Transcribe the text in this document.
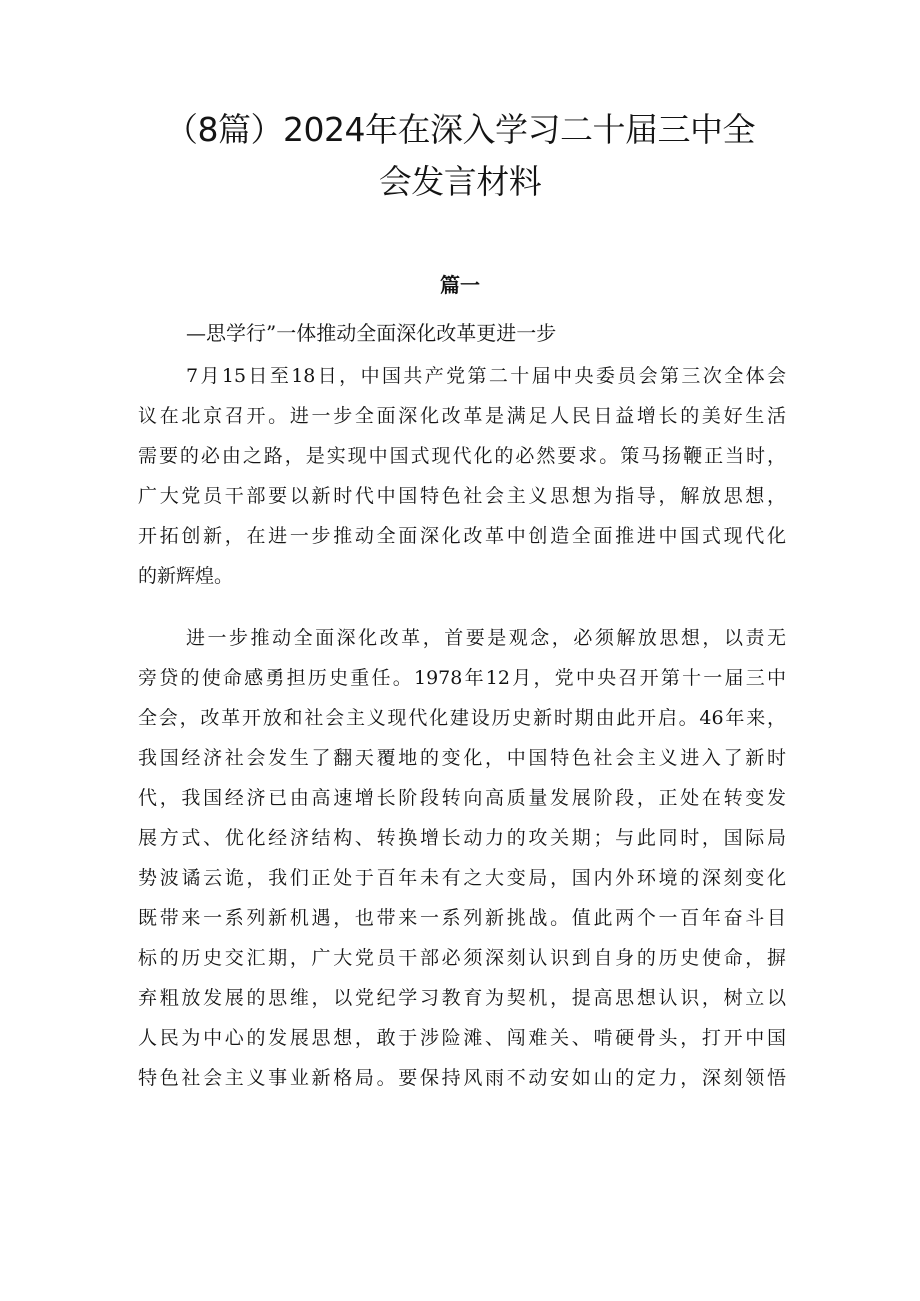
（8篇）2024年在深入学习二十届三中全
会发言材料
篇一
—思学行”一体推动全面深化改革更进一步
7月15日至18日，中国共产党第二十届中央委员会第三次全体会
议在北京召开。进一步全面深化改革是满足人民日益增长的美好生活
需要的必由之路，是实现中国式现代化的必然要求。策马扬鞭正当时，
广大党员干部要以新时代中国特色社会主义思想为指导，解放思想，
开拓创新，在进一步推动全面深化改革中创造全面推进中国式现代化
的新辉煌。
进一步推动全面深化改革，首要是观念，必须解放思想，以责无
旁贷的使命感勇担历史重任。1978年12月，党中央召开第十一届三中
全会，改革开放和社会主义现代化建设历史新时期由此开启。46年来，
我国经济社会发生了翻天覆地的变化，中国特色社会主义进入了新时
代，我国经济已由高速增长阶段转向高质量发展阶段，正处在转变发
展方式、优化经济结构、转换增长动力的攻关期；与此同时，国际局
势波谲云诡，我们正处于百年未有之大变局，国内外环境的深刻变化
既带来一系列新机遇，也带来一系列新挑战。值此两个一百年奋斗目
标的历史交汇期，广大党员干部必须深刻认识到自身的历史使命，摒
弃粗放发展的思维，以党纪学习教育为契机，提高思想认识，树立以
人民为中心的发展思想，敢于涉险滩、闯难关、啃硬骨头，打开中国
特色社会主义事业新格局。要保持风雨不动安如山的定力，深刻领悟
